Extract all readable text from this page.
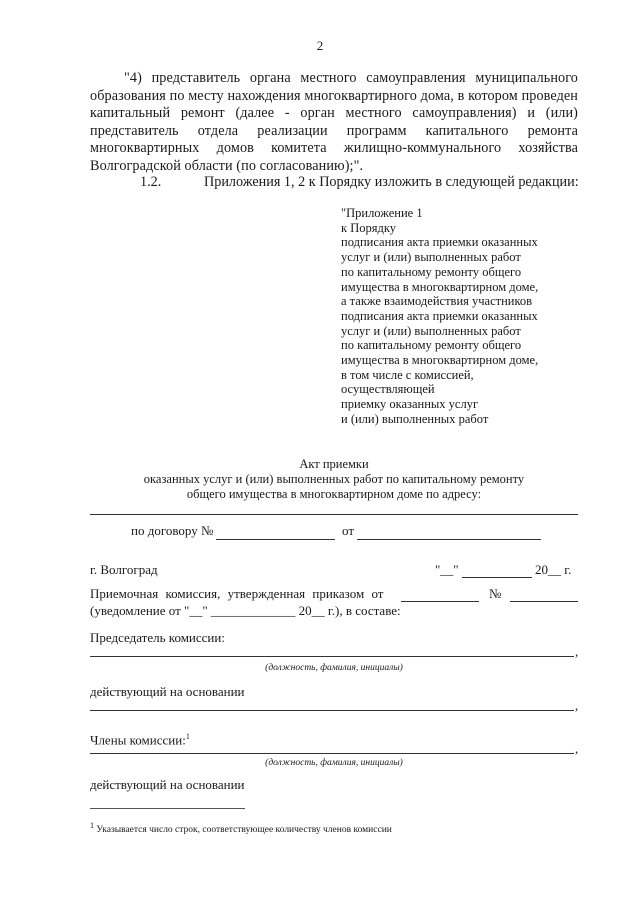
2
"4) представитель органа местного самоуправления муниципального образования по месту нахождения многоквартирного дома, в котором проведен капитальный ремонт (далее - орган местного самоуправления) и (или) представитель отдела реализации программ капитального ремонта многоквартирных домов комитета жилищно-коммунального хозяйства Волгоградской области (по согласованию);".
1.2.	Приложения 1, 2 к Порядку изложить в следующей редакции:
"Приложение 1
к Порядку
подписания акта приемки оказанных
услуг и (или) выполненных работ
по капитальному ремонту общего
имущества в многоквартирном доме,
а также взаимодействия участников
подписания акта приемки оказанных
услуг и (или) выполненных работ
по капитальному ремонту общего
имущества в многоквартирном доме,
в том числе с комиссией,
осуществляющей
приемку оказанных услуг
и (или) выполненных работ
Акт приемки
оказанных услуг и (или) выполненных работ по капитальному ремонту
общего имущества в многоквартирном доме по адресу:
по договору №	от
г. Волгоград	"__"	20__ г.
Приемочная комиссия, утвержденная приказом от	№
(уведомление от "__" _____________ 20__ г.), в составе:
Председатель комиссии:
,
(должность, фамилия, инициалы)
действующий на основании
,
Члены комиссии:$^1$
,
(должность, фамилия, инициалы)
действующий на основании
$^1$ Указывается число строк, соответствующее количеству членов комиссии
